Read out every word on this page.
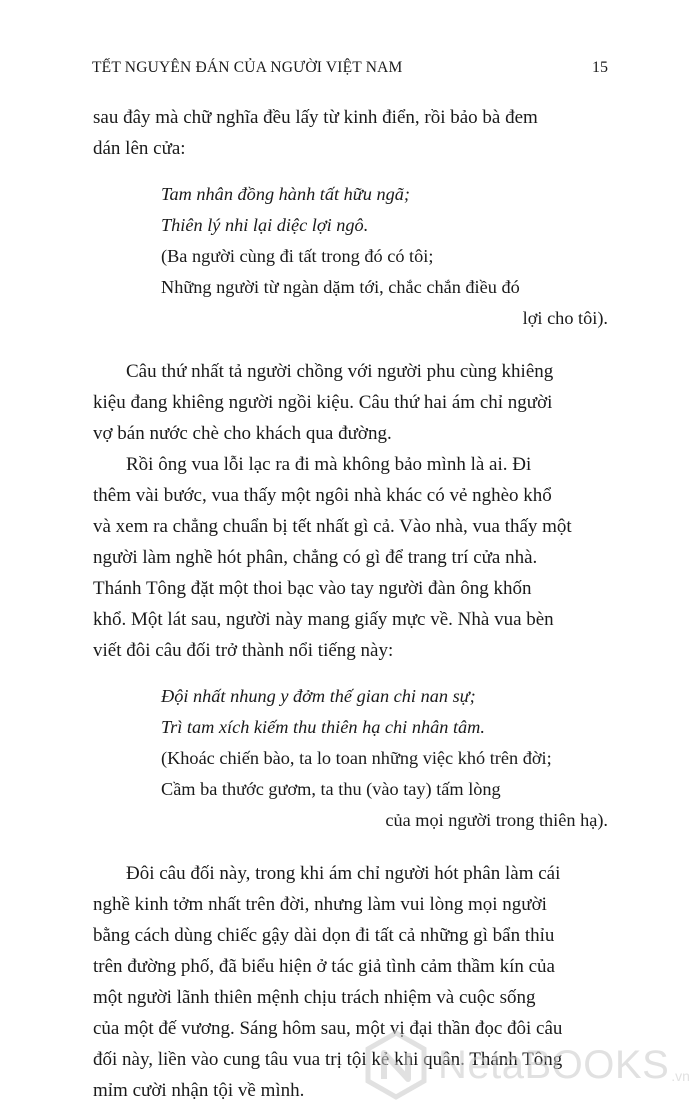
TẾT NGUYÊN ĐÁN CỦA NGƯỜI VIỆT NAM	15
sau đây mà chữ nghĩa đều lấy từ kinh điển, rồi bảo bà đem
dán lên cửa:
Tam nhân đồng hành tất hữu ngã;
Thiên lý nhi lại diệc lợi ngô.
(Ba người cùng đi tất trong đó có tôi;
Những người từ ngàn dặm tới, chắc chắn điều đó
lợi cho tôi).
Câu thứ nhất tả người chồng với người phu cùng khiêng
kiệu đang khiêng người ngồi kiệu. Câu thứ hai ám chỉ người
vợ bán nước chè cho khách qua đường.
Rồi ông vua lỗi lạc ra đi mà không bảo mình là ai. Đi
thêm vài bước, vua thấy một ngôi nhà khác có vẻ nghèo khổ
và xem ra chẳng chuẩn bị tết nhất gì cả. Vào nhà, vua thấy một
người làm nghề hót phân, chẳng có gì để trang trí cửa nhà.
Thánh Tông đặt một thoi bạc vào tay người đàn ông khốn
khổ. Một lát sau, người này mang giấy mực về. Nhà vua bèn
viết đôi câu đối trở thành nổi tiếng này:
Đội nhất nhung y đởm thế gian chi nan sự;
Trì tam xích kiếm thu thiên hạ chi nhân tâm.
(Khoác chiến bào, ta lo toan những việc khó trên đời;
Cầm ba thước gươm, ta thu (vào tay) tấm lòng
của mọi người trong thiên hạ).
Đôi câu đối này, trong khi ám chỉ người hót phân làm cái
nghề kinh tởm nhất trên đời, nhưng làm vui lòng mọi người
bằng cách dùng chiếc gậy dài dọn đi tất cả những gì bẩn thỉu
trên đường phố, đã biểu hiện ở tác giả tình cảm thầm kín của
một người lãnh thiên mệnh chịu trách nhiệm và cuộc sống
của một đế vương. Sáng hôm sau, một vị đại thần đọc đôi câu
đối này, liền vào cung tâu vua trị tội kẻ khi quân. Thánh Tông
mỉm cười nhận tội về mình.
NetaBOOKS .vn
